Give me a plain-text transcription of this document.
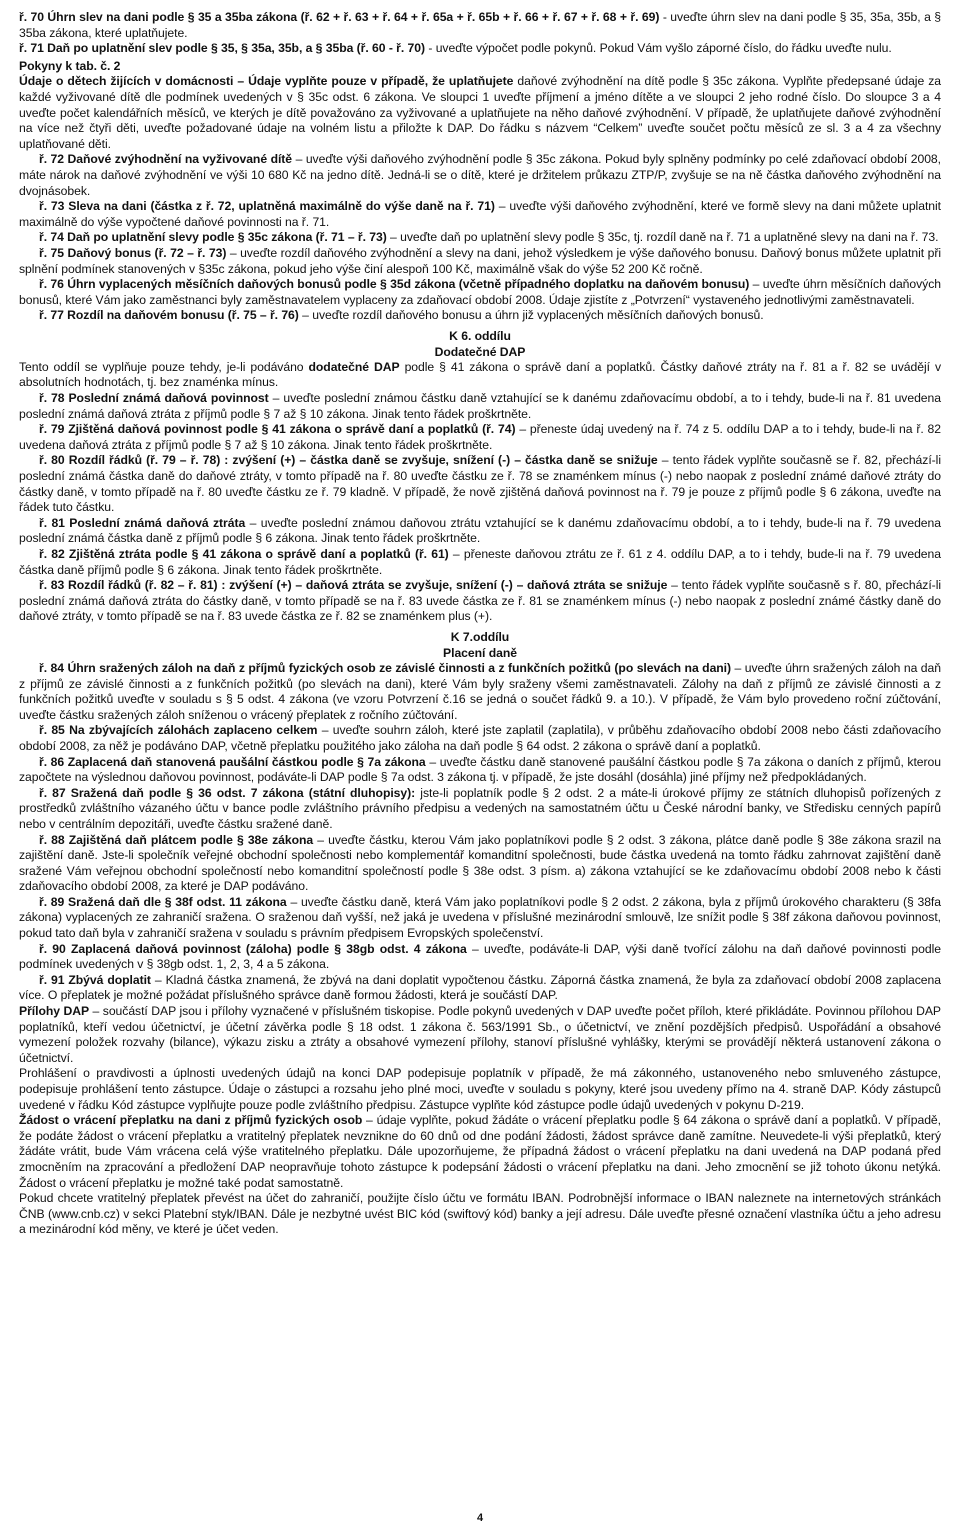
ř. 70 Úhrn slev na dani podle § 35 a 35ba zákona (ř. 62 + ř. 63 + ř. 64 + ř. 65a + ř. 65b + ř. 66 + ř. 67 + ř. 68 + ř. 69) - uveďte úhrn slev na dani podle § 35, 35a, 35b, a § 35ba zákona, které uplatňujete.

ř. 71 Daň po uplatnění slev podle § 35, § 35a, 35b, a § 35ba (ř. 60 - ř. 70) - uveďte výpočet podle pokynů. Pokud Vám vyšlo záporné číslo, do řádku uveďte nulu.

Pokyny k tab. č. 2

Údaje o dětech žijících v domácnosti – Údaje vyplňte pouze v případě, že uplatňujete daňové zvýhodnění na dítě podle § 35c zákona. Vyplňte předepsané údaje za každé vyživované dítě dle podmínek uvedených v § 35c odst. 6 zákona. Ve sloupci 1 uveďte příjmení a jméno dítěte a ve sloupci 2 jeho rodné číslo. Do sloupce 3 a 4 uveďte počet kalendářních měsíců, ve kterých je dítě považováno za vyživované a uplatňujete na něho daňové zvýhodnění. V případě, že uplatňujete daňové zvýhodnění na více než čtyři děti, uveďte požadované údaje na volném listu a přiložte k DAP. Do řádku s názvem “Celkem” uveďte součet počtu měsíců ze sl. 3 a 4 za všechny uplatňované děti.

ř. 72 Daňové zvýhodnění na vyživované dítě – uveďte výši daňového zvýhodnění podle § 35c zákona. Pokud byly splněny podmínky po celé zdaňovací období 2008, máte nárok na daňové zvýhodnění ve výši 10 680 Kč na jedno dítě. Jedná-li se o dítě, které je držitelem průkazu ZTP/P, zvyšuje se na ně částka daňového zvýhodnění na dvojnásobek.

ř. 73 Sleva na dani (částka z ř. 72, uplatněná maximálně do výše daně na ř. 71) – uveďte výši daňového zvýhodnění, které ve formě slevy na dani můžete uplatnit maximálně do výše vypočtené daňové povinnosti na ř. 71.

ř. 74 Daň po uplatnění slevy podle § 35c zákona (ř. 71 – ř. 73) – uveďte daň po uplatnění slevy podle § 35c, tj. rozdíl daně na ř. 71 a uplatněné slevy na dani na ř. 73.

ř. 75 Daňový bonus (ř. 72 – ř. 73) – uveďte rozdíl daňového zvýhodnění a slevy na dani, jehož výsledkem je výše daňového bonusu. Daňový bonus můžete uplatnit při splnění podmínek stanovených v §35c zákona, pokud jeho výše činí alespoň 100 Kč, maximálně však do výše 52 200 Kč ročně.

ř. 76 Úhrn vyplacených měsíčních daňových bonusů podle § 35d zákona (včetně případného doplatku na daňovém bonusu) – uveďte úhrn měsíčních daňových bonusů, které Vám jako zaměstnanci byly zaměstnavatelem vyplaceny za zdaňovací období 2008. Údaje zjistíte z „Potvrzení“ vystaveného jednotlivými zaměstnavateli.

ř. 77 Rozdíl na daňovém bonusu (ř. 75 – ř. 76) – uveďte rozdíl daňového bonusu a úhrn již vyplacených měsíčních daňových bonusů.

K 6. oddílu

Dodatečné DAP

Tento oddíl se vyplňuje pouze tehdy, je-li podáváno dodatečné DAP podle § 41 zákona o správě daní a poplatků. Částky daňové ztráty na ř. 81 a ř. 82 se uvádějí v absolutních hodnotách, tj. bez znaménka mínus.

ř. 78 Poslední známá daňová povinnost – uveďte poslední známou částku daně vztahující se k danému zdaňovacímu období, a to i tehdy, bude-li na ř. 81 uvedena poslední známá daňová ztráta z příjmů podle § 7 až § 10 zákona. Jinak tento řádek proškrtněte.

ř. 79 Zjištěná daňová povinnost podle § 41 zákona o správě daní a poplatků (ř. 74) – přeneste údaj uvedený na ř. 74 z 5. oddílu DAP a to i tehdy, bude-li na ř. 82 uvedena daňová ztráta z příjmů podle § 7 až § 10 zákona. Jinak tento řádek proškrtněte.

ř. 80 Rozdíl řádků (ř. 79 – ř. 78) : zvýšení (+) – částka daně se zvyšuje, snížení (-) – částka daně se snižuje – tento řádek vyplňte současně se ř. 82, přechází-li poslední známá částka daně do daňové ztráty, v tomto případě na ř. 80 uveďte částku ze ř. 78 se znaménkem mínus (-) nebo naopak z poslední známé daňové ztráty do částky daně, v tomto případě na ř. 80 uveďte částku ze ř. 79 kladně. V případě, že nově zjištěná daňová povinnost na ř. 79 je pouze z příjmů podle § 6 zákona, uveďte na řádek tuto částku.

ř. 81 Poslední známá daňová ztráta – uveďte poslední známou daňovou ztrátu vztahující se k danému zdaňovacímu období, a to i tehdy, bude-li na ř. 79 uvedena poslední známá částka daně z příjmů podle § 6 zákona. Jinak tento řádek proškrtněte.

ř. 82 Zjištěná ztráta podle § 41 zákona o správě daní a poplatků (ř. 61) – přeneste daňovou ztrátu ze ř. 61 z 4. oddílu DAP, a to i tehdy, bude-li na ř. 79 uvedena částka daně příjmů podle § 6 zákona. Jinak tento řádek proškrtněte.

ř. 83 Rozdíl řádků (ř. 82 – ř. 81) : zvýšení (+) – daňová ztráta se zvyšuje, snížení (-) – daňová ztráta se snižuje – tento řádek vyplňte současně s ř. 80, přechází-li poslední známá daňová ztráta do částky daně, v tomto případě se na ř. 83 uvede částka ze ř. 81 se znaménkem mínus (-) nebo naopak z poslední známé částky daně do daňové ztráty, v tomto případě se na ř. 83 uvede částka ze ř. 82 se znaménkem plus (+).

K 7.oddílu

Placení daně

ř. 84 Úhrn sražených záloh na daň z příjmů fyzických osob ze závislé činnosti a z funkčních požitků (po slevách na dani) – uveďte úhrn sražených záloh na daň z příjmů ze závislé činnosti a z funkčních požitků (po slevách na dani), které Vám byly sraženy všemi zaměstnavateli. Zálohy na daň z příjmů ze závislé činnosti a z funkčních požitků uveďte v souladu s § 5 odst. 4 zákona (ve vzoru Potvrzení č.16 se jedná o součet řádků 9. a 10.). V případě, že Vám bylo provedeno roční zúčtování, uveďte částku sražených záloh sníženou o vrácený přeplatek z ročního zúčtování.

ř. 85 Na zbývajících zálohách zaplaceno celkem – uveďte souhrn záloh, které jste zaplatil (zaplatila), v průběhu zdaňovacího období 2008 nebo části zdaňovacího období 2008, za něž je podáváno DAP, včetně přeplatku použitého jako záloha na daň podle § 64 odst. 2 zákona o správě daní a poplatků.

ř. 86 Zaplacená daň stanovená paušální částkou podle § 7a zákona – uveďte částku daně stanovené paušální částkou podle § 7a zákona o daních z příjmů, kterou započtete na výslednou daňovou povinnost, podáváte-li DAP podle § 7a odst. 3 zákona tj. v případě, že jste dosáhl (dosáhla) jiné příjmy než předpokládaných.

ř. 87 Sražená daň podle § 36 odst. 7 zákona (státní dluhopisy): jste-li poplatník podle § 2 odst. 2 a máte-li úrokové příjmy ze státních dluhopisů pořízených z prostředků zvláštního vázaného účtu v bance podle zvláštního právního předpisu a vedených na samostatném účtu u České národní banky, ve Středisku cenných papírů nebo v centrálním depozitáři, uveďte částku sražené daně.

ř. 88 Zajištěná daň plátcem podle § 38e zákona – uveďte částku, kterou Vám jako poplatníkovi podle § 2 odst. 3 zákona, plátce daně podle § 38e zákona srazil na zajištění daně. Jste-li společník veřejné obchodní společnosti nebo komplementář komanditní společnosti, bude částka uvedená na tomto řádku zahrnovat zajištění daně sražené Vám veřejnou obchodní společností nebo komanditní společností podle § 38e odst. 3 písm. a) zákona vztahující se ke zdaňovacímu období 2008 nebo k části zdaňovacího období 2008, za které je DAP podáváno.

ř. 89 Sražená daň dle § 38f odst. 11 zákona – uveďte částku daně, která Vám jako poplatníkovi podle § 2 odst. 2 zákona, byla z příjmů úrokového charakteru (§ 38fa zákona) vyplacených ze zahraničí sražena. O sraženou daň vyšší, než jaká je uvedena v příslušné mezinárodní smlouvě, lze snížit podle § 38f zákona daňovou povinnost, pokud tato daň byla v zahraničí sražena v souladu s právním předpisem Evropských společenství.

ř. 90 Zaplacená daňová povinnost (záloha) podle § 38gb odst. 4 zákona – uveďte, podáváte-li DAP, výši daně tvořící zálohu na daň daňové povinnosti podle podmínek uvedených v § 38gb odst. 1, 2, 3, 4 a 5 zákona.

ř. 91 Zbývá doplatit – Kladná částka znamená, že zbývá na dani doplatit vypočtenou částku. Záporná částka znamená, že byla za zdaňovací období 2008 zaplacena více. O přeplatek je možné požádat příslušného správce daně formou žádosti, která je součástí DAP.

Přílohy DAP – součástí DAP jsou i přílohy vyznačené v příslušném tiskopise. Podle pokynů uvedených v DAP uveďte počet příloh, které přikládáte. Povinnou přílohou DAP poplatníků, kteří vedou účetnictví, je účetní závěrka podle § 18 odst. 1 zákona č. 563/1991 Sb., o účetnictví, ve znění pozdějších předpisů. Uspořádání a obsahové vymezení položek rozvahy (bilance), výkazu zisku a ztráty a obsahové vymezení přílohy, stanoví příslušné vyhlášky, kterými se provádějí některá ustanovení zákona o účetnictví.

Prohlášení o pravdivosti a úplnosti uvedených údajů na konci DAP podepisuje poplatník v případě, že má zákonného, ustanoveného nebo smluveného zástupce, podepisuje prohlášení tento zástupce. Údaje o zástupci a rozsahu jeho plné moci, uveďte v souladu s pokyny, které jsou uvedeny přímo na 4. straně DAP. Kódy zástupců uvedené v řádku Kód zástupce vyplňujte pouze podle zvláštního předpisu. Zástupce vyplňte kód zástupce podle údajů uvedených v pokynu D-219.

Žádost o vrácení přeplatku na dani z příjmů fyzických osob – údaje vyplňte, pokud žádáte o vrácení přeplatku podle § 64 zákona o správě daní a poplatků. V případě, že podáte žádost o vrácení přeplatku a vratitelný přeplatek nevznikne do 60 dnů od dne podání žádosti, žádost správce daně zamítne. Neuvedete-li výši přeplatků, který žádáte vrátit, bude Vám vrácena celá výše vratitelného přeplatku. Dále upozorňujeme, že případná žádost o vrácení přeplatku na dani uvedená na DAP podaná před zmocněním na zpracování a předložení DAP neopravňuje tohoto zástupce k podepsání žádosti o vrácení přeplatku na dani. Jeho zmocnění se již tohoto úkonu netýká. Žádost o vrácení přeplatku je možné také podat samostatně.

Pokud chcete vratitelný přeplatek převést na účet do zahraničí, použijte číslo účtu ve formátu IBAN. Podrobnější informace o IBAN naleznete na internetových stránkách ČNB (www.cnb.cz) v sekci Platební styk/IBAN. Dále je nezbytné uvést BIC kód (swiftový kód) banky a její adresu. Dále uveďte přesné označení vlastníka účtu a jeho adresu a mezinárodní kód měny, ve které je účet veden.

4
